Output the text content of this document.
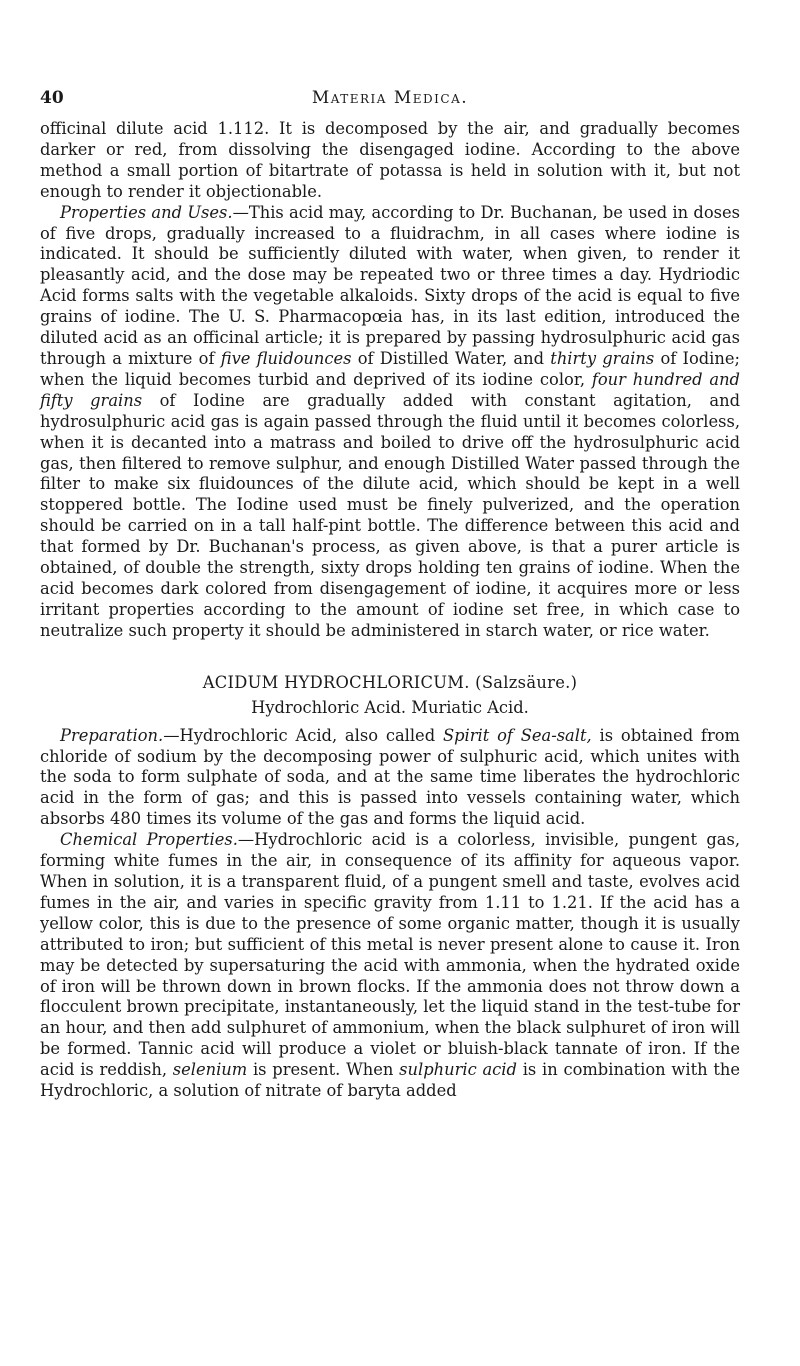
40	Materia Medica.

officinal dilute acid 1.112. It is decomposed by the air, and gradually becomes darker or red, from dissolving the disengaged iodine. According to the above method a small portion of bitartrate of potassa is held in solution with it, but not enough to render it objectionable.

Properties and Uses.—This acid may, according to Dr. Buchanan, be used in doses of five drops, gradually increased to a fluidrachm, in all cases where iodine is indicated. It should be sufficiently diluted with water, when given, to render it pleasantly acid, and the dose may be repeated two or three times a day. Hydriodic Acid forms salts with the vegetable alkaloids. Sixty drops of the acid is equal to five grains of iodine. The U. S. Pharmacopœia has, in its last edition, introduced the diluted acid as an officinal article; it is prepared by passing hydrosulphuric acid gas through a mixture of five fluidounces of Distilled Water, and thirty grains of Iodine; when the liquid becomes turbid and deprived of its iodine color, four hundred and fifty grains of Iodine are gradually added with constant agitation, and hydrosulphuric acid gas is again passed through the fluid until it becomes colorless, when it is decanted into a matrass and boiled to drive off the hydrosulphuric acid gas, then filtered to remove sulphur, and enough Distilled Water passed through the filter to make six fluidounces of the dilute acid, which should be kept in a well stoppered bottle. The Iodine used must be finely pulverized, and the operation should be carried on in a tall half-pint bottle. The difference between this acid and that formed by Dr. Buchanan's process, as given above, is that a purer article is obtained, of double the strength, sixty drops holding ten grains of iodine. When the acid becomes dark colored from disengagement of iodine, it acquires more or less irritant properties according to the amount of iodine set free, in which case to neutralize such property it should be administered in starch water, or rice water.

ACIDUM HYDROCHLORICUM. (Salzsäure.)
Hydrochloric Acid. Muriatic Acid.

Preparation.—Hydrochloric Acid, also called Spirit of Sea-salt, is obtained from chloride of sodium by the decomposing power of sulphuric acid, which unites with the soda to form sulphate of soda, and at the same time liberates the hydrochloric acid in the form of gas; and this is passed into vessels containing water, which absorbs 480 times its volume of the gas and forms the liquid acid.

Chemical Properties.—Hydrochloric acid is a colorless, invisible, pungent gas, forming white fumes in the air, in consequence of its affinity for aqueous vapor. When in solution, it is a transparent fluid, of a pungent smell and taste, evolves acid fumes in the air, and varies in specific gravity from 1.11 to 1.21. If the acid has a yellow color, this is due to the presence of some organic matter, though it is usually attributed to iron; but sufficient of this metal is never present alone to cause it. Iron may be detected by supersaturing the acid with ammonia, when the hydrated oxide of iron will be thrown down in brown flocks. If the ammonia does not throw down a flocculent brown precipitate, instantaneously, let the liquid stand in the test-tube for an hour, and then add sulphuret of ammonium, when the black sulphuret of iron will be formed. Tannic acid will produce a violet or bluish-black tannate of iron. If the acid is reddish, selenium is present. When sulphuric acid is in combination with the Hydrochloric, a solution of nitrate of baryta added
